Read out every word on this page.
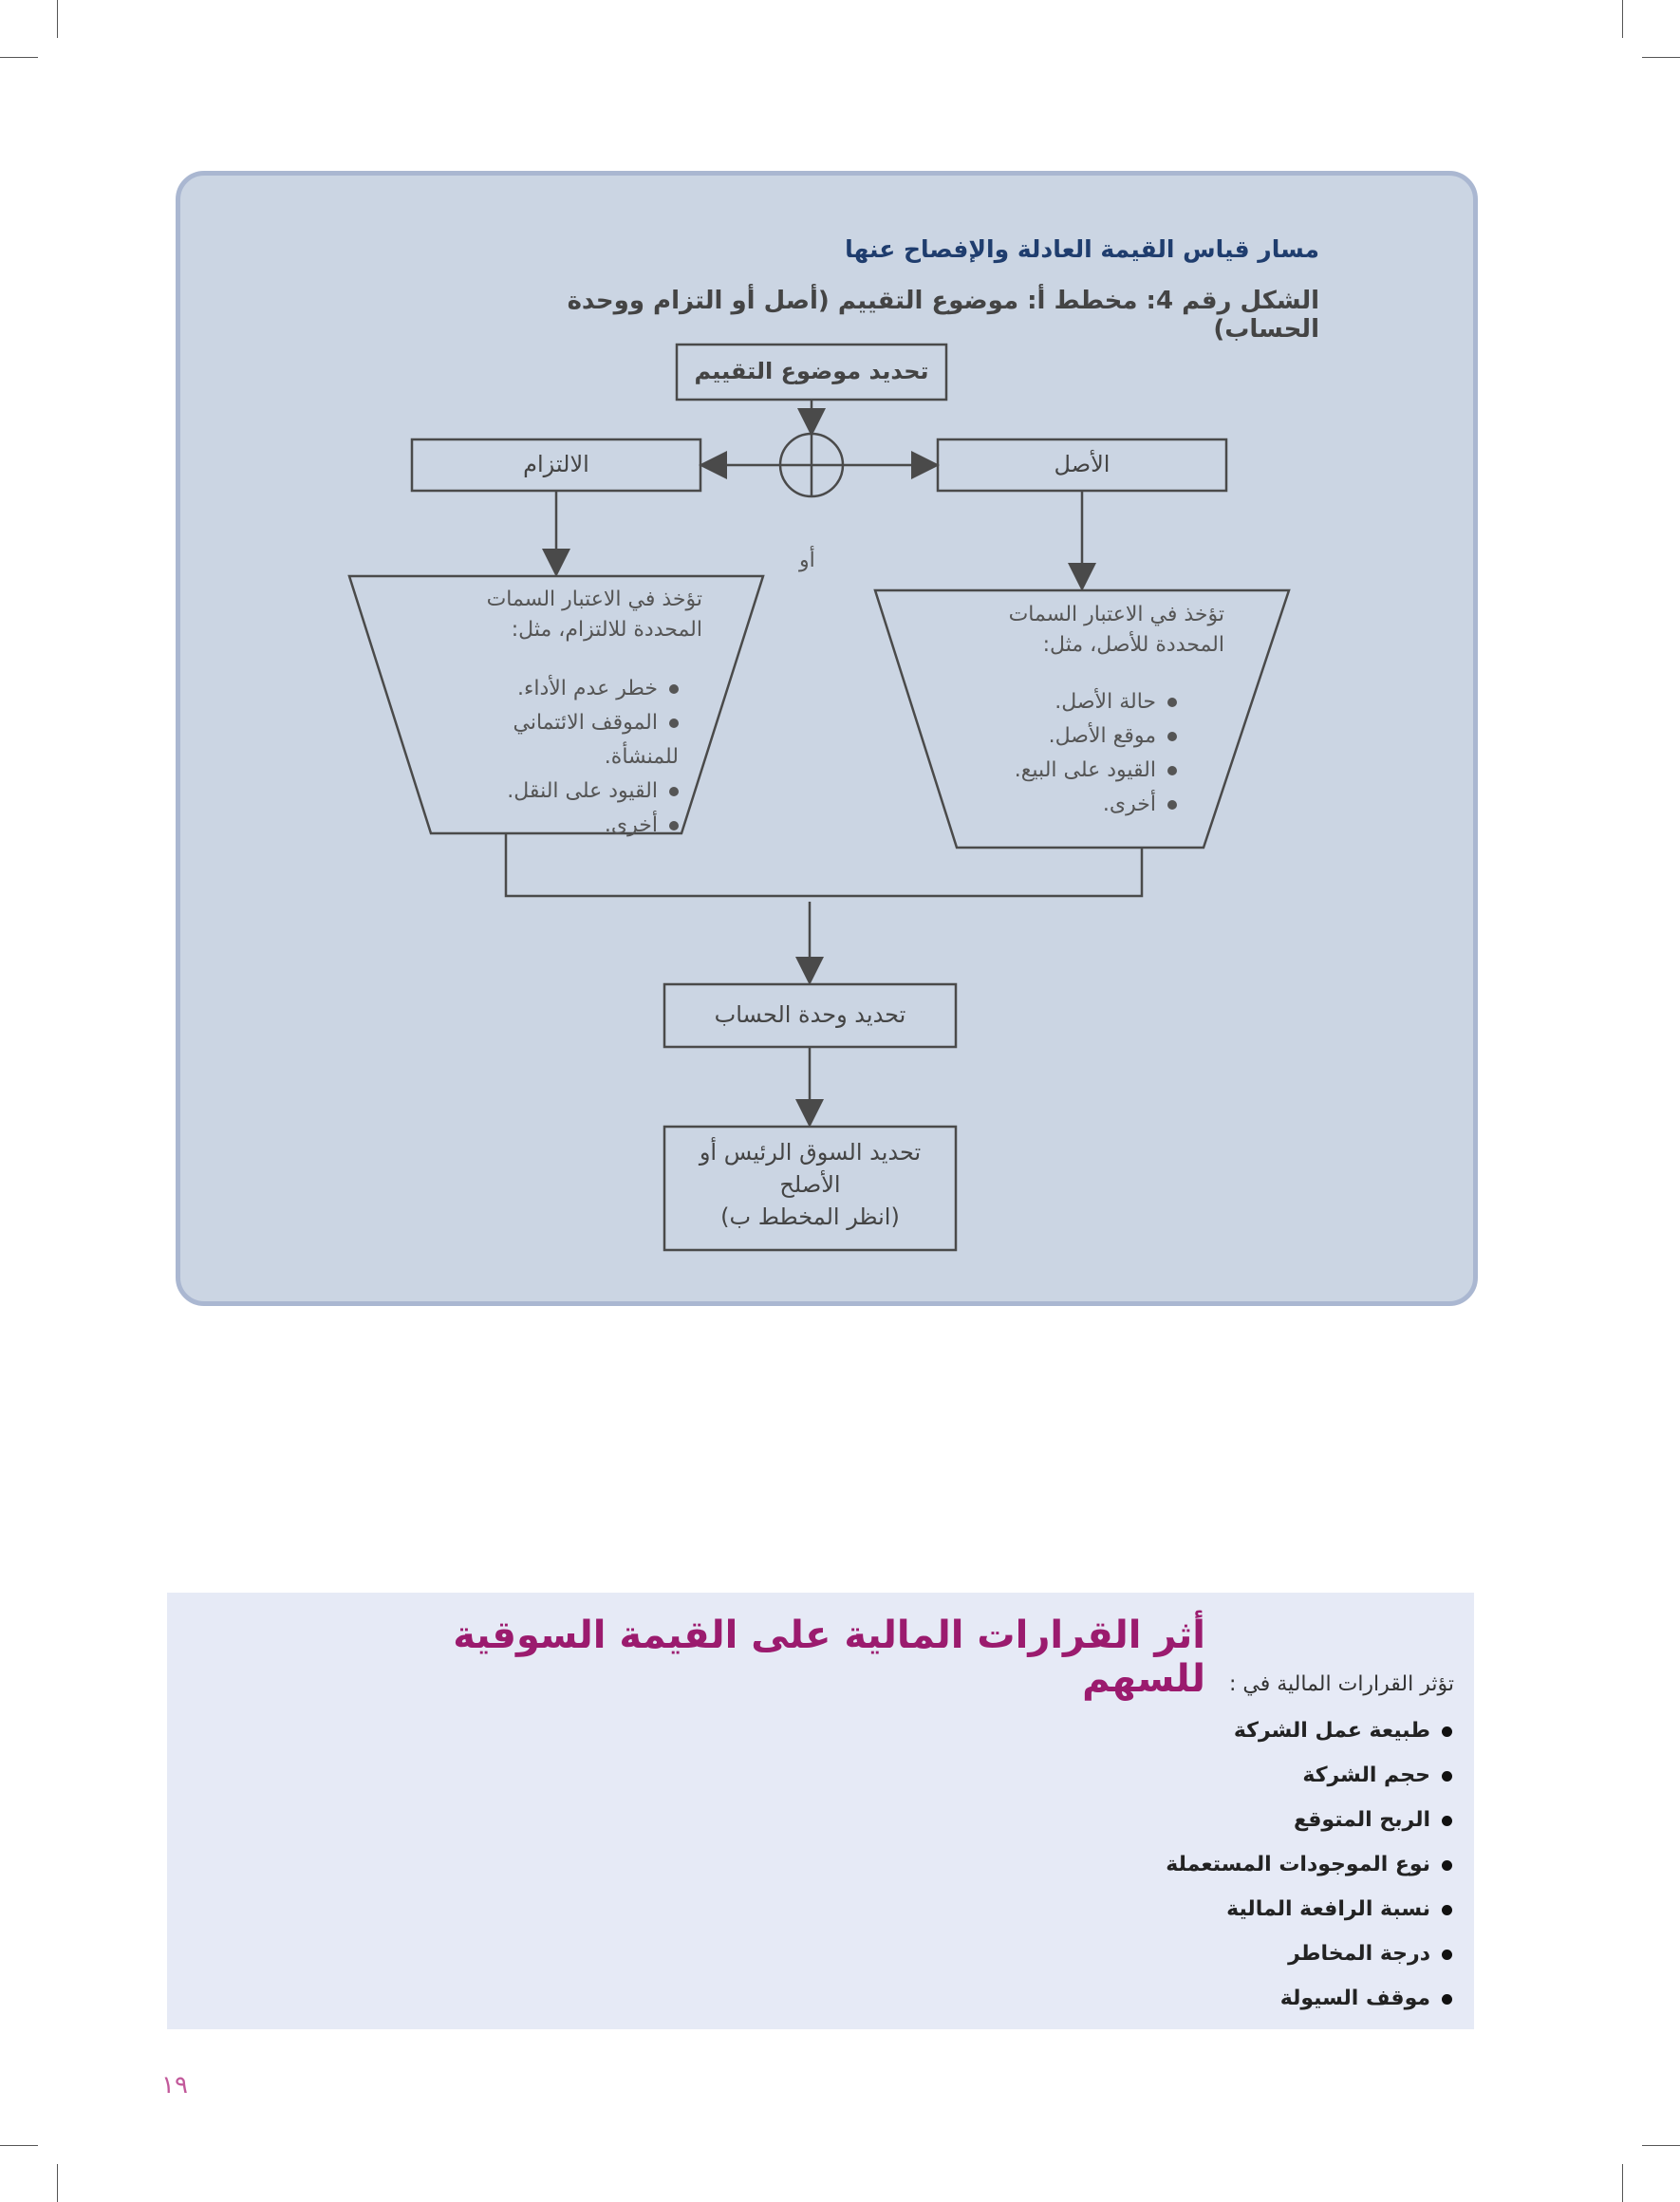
مسار قياس القيمة العادلة والإفصاح عنها
الشكل رقم 4: مخطط أ: موضوع التقييم (أصل أو التزام ووحدة الحساب)
تحديد موضوع التقييم
الأصل
الالتزام
أو
تؤخذ في الاعتبار السمات المحددة للأصل، مثل:
حالة الأصل.
موقع الأصل.
القيود على البيع.
أخرى.
تؤخذ في الاعتبار السمات المحددة للالتزام، مثل:
خطر عدم الأداء.
الموقف الائتماني للمنشأة.
القيود على النقل.
أخرى.
تحديد وحدة الحساب
تحديد السوق الرئيس أو
الأصلح
(انظر المخطط ب)
أثر القرارات المالية على القيمة السوقية للسهم	تؤثر القرارات المالية في :
طبيعة عمل الشركة
حجم الشركة
الربح المتوقع
نوع الموجودات المستعملة
نسبة الرافعة المالية
درجة المخاطر
موقف السيولة
١٩
